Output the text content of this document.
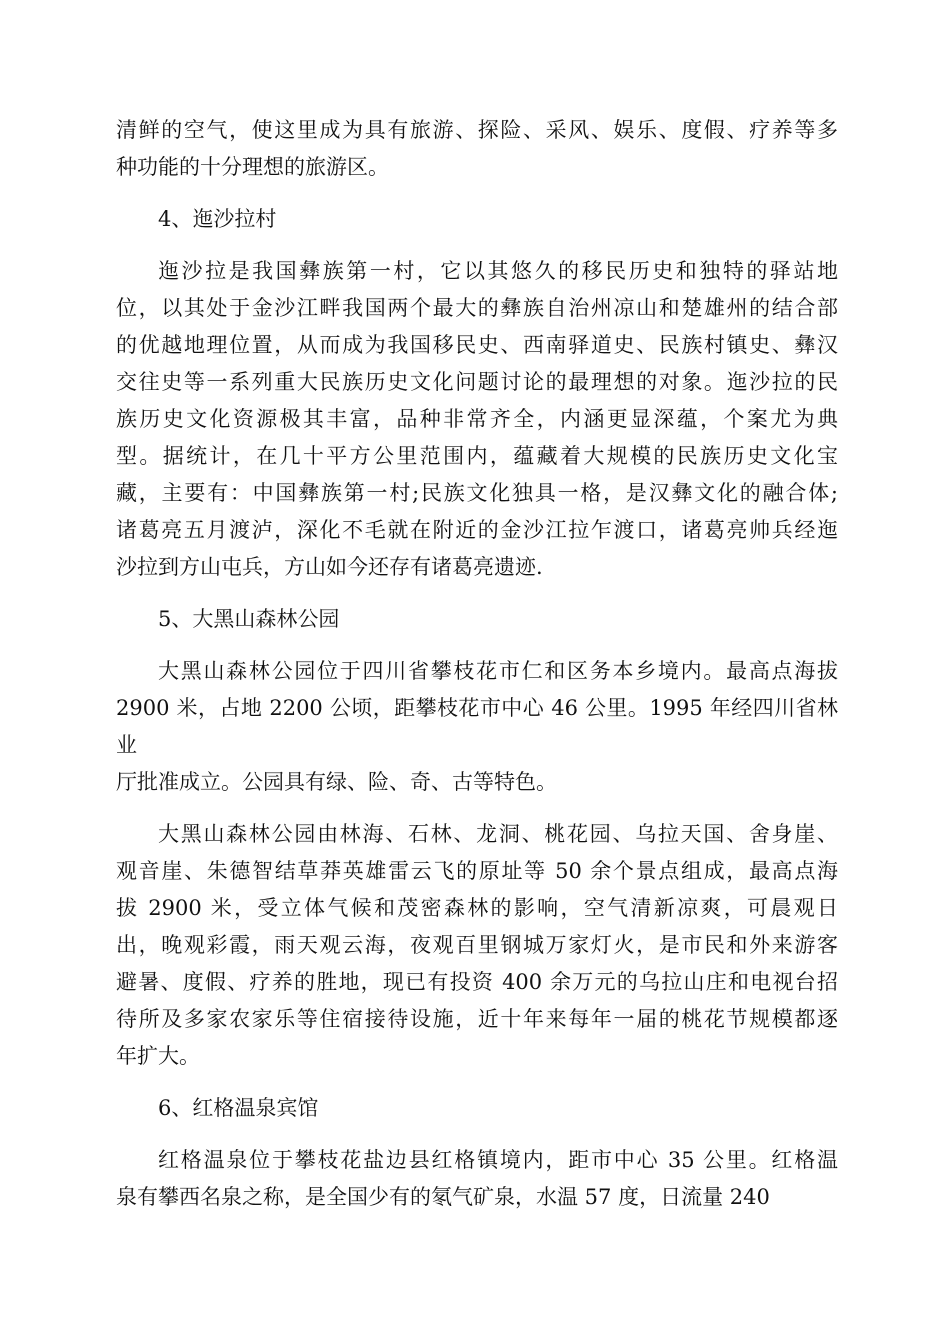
清鲜的空气，使这里成为具有旅游、探险、采风、娱乐、度假、疗养等多
种功能的十分理想的旅游区。

4、迤沙拉村

迤沙拉是我国彝族第一村，它以其悠久的移民历史和独特的驿站地
位，以其处于金沙江畔我国两个最大的彝族自治州凉山和楚雄州的结合部
的优越地理位置，从而成为我国移民史、西南驿道史、民族村镇史、彝汉
交往史等一系列重大民族历史文化问题讨论的最理想的对象。迤沙拉的民
族历史文化资源极其丰富，品种非常齐全，内涵更显深蕴，个案尤为典
型。据统计，在几十平方公里范围内，蕴藏着大规模的民族历史文化宝
藏，主要有：中国彝族第一村;民族文化独具一格，是汉彝文化的融合体;
诸葛亮五月渡泸，深化不毛就在附近的金沙江拉乍渡口，诸葛亮帅兵经迤
沙拉到方山屯兵，方山如今还存有诸葛亮遗迹.

5、大黑山森林公园

大黑山森林公园位于四川省攀枝花市仁和区务本乡境内。最高点海拔
2900 米，占地 2200 公顷，距攀枝花市中心 46 公里。1995 年经四川省林业
厅批准成立。公园具有绿、险、奇、古等特色。

大黑山森林公园由林海、石林、龙洞、桃花园、乌拉天国、舍身崖、
观音崖、朱德智结草莽英雄雷云飞的原址等 50 余个景点组成，最高点海
拔 2900 米，受立体气候和茂密森林的影响，空气清新凉爽，可晨观日
出，晚观彩霞，雨天观云海，夜观百里钢城万家灯火，是市民和外来游客
避暑、度假、疗养的胜地，现已有投资 400 余万元的乌拉山庄和电视台招
待所及多家农家乐等住宿接待设施，近十年来每年一届的桃花节规模都逐
年扩大。

6、红格温泉宾馆

红格温泉位于攀枝花盐边县红格镇境内，距市中心 35 公里。红格温
泉有攀西名泉之称，是全国少有的氡气矿泉，水温 57 度，日流量 240
